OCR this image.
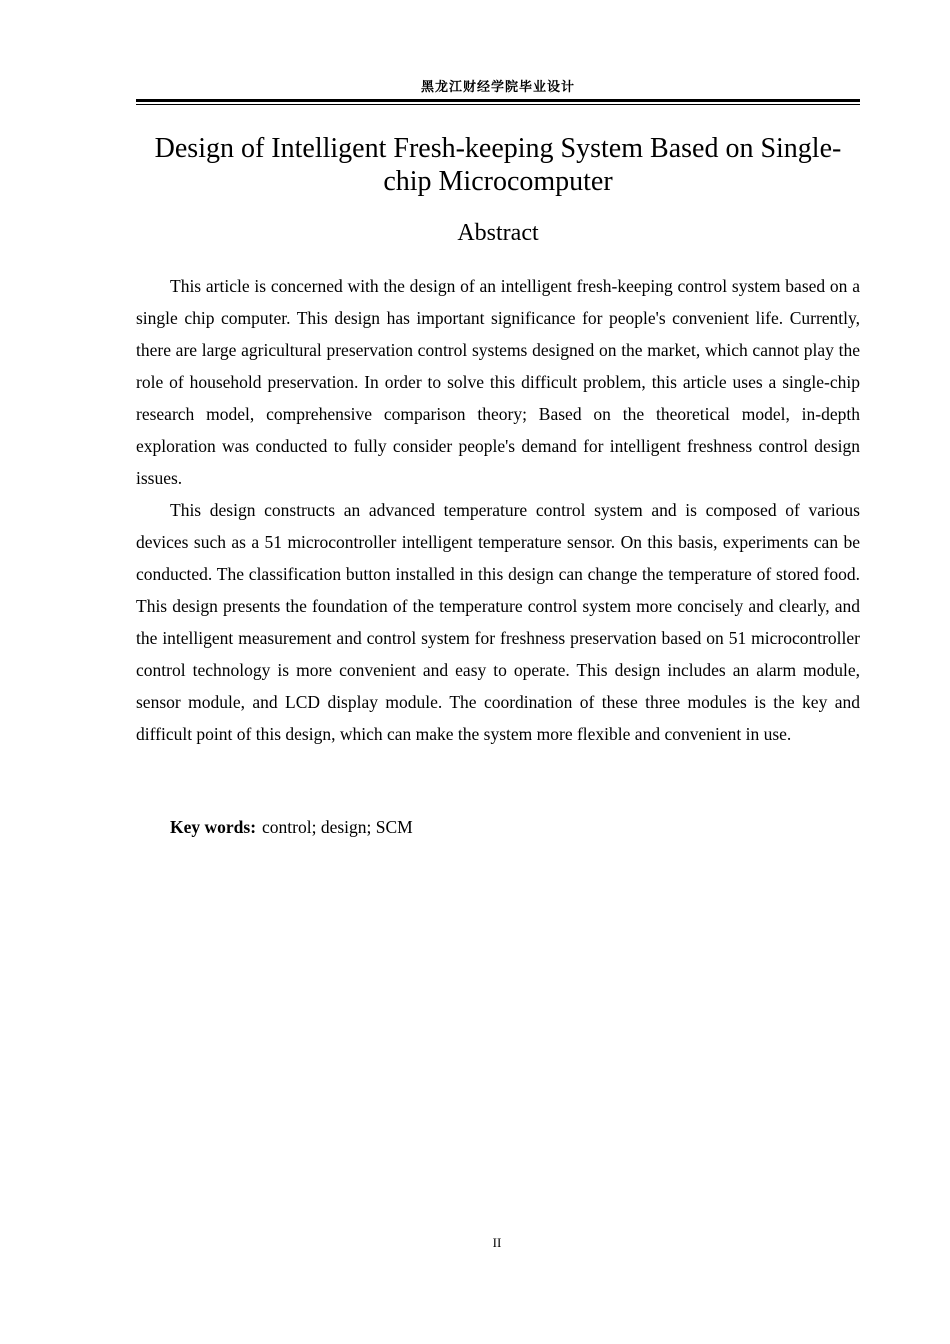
黑龙江财经学院毕业设计
Design of Intelligent Fresh-keeping System Based on Single-chip Microcomputer
Abstract

This article is concerned with the design of an intelligent fresh-keeping control system based on a single chip computer. This design has important significance for people's convenient life. Currently, there are large agricultural preservation control systems designed on the market, which cannot play the role of household preservation. In order to solve this difficult problem, this article uses a single-chip research model, comprehensive comparison theory; Based on the theoretical model, in-depth exploration was conducted to fully consider people's demand for intelligent freshness control design issues.

This design constructs an advanced temperature control system and is composed of various devices such as a 51 microcontroller intelligent temperature sensor. On this basis, experiments can be conducted. The classification button installed in this design can change the temperature of stored food. This design presents the foundation of the temperature control system more concisely and clearly, and the intelligent measurement and control system for freshness preservation based on 51 microcontroller control technology is more convenient and easy to operate. This design includes an alarm module, sensor module, and LCD display module. The coordination of these three modules is the key and difficult point of this design, which can make the system more flexible and convenient in use.

Key words: control; design; SCM
II
